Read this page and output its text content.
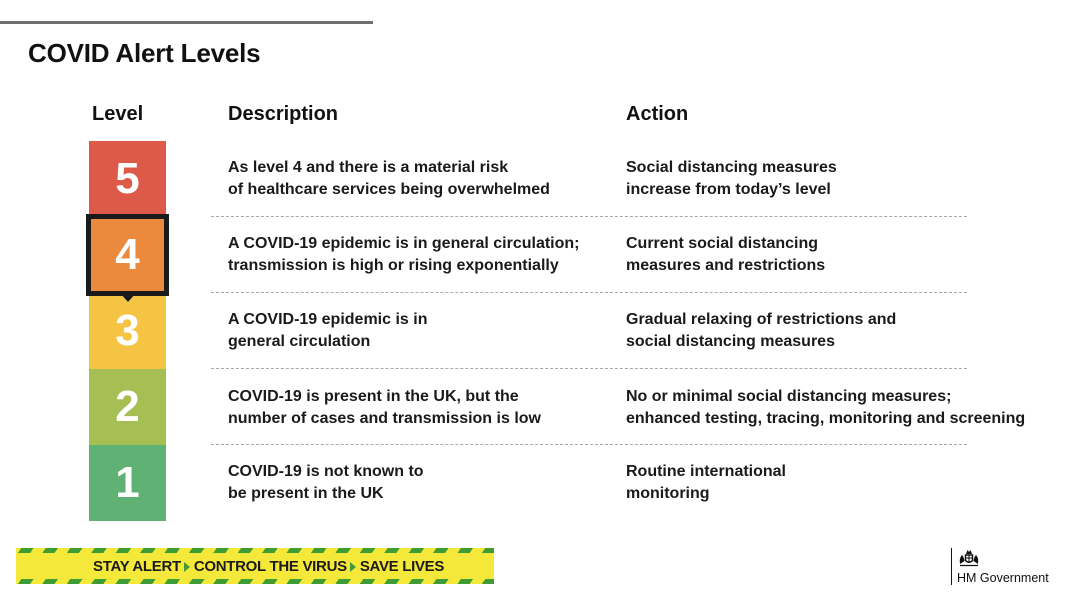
COVID Alert Levels
Level	Description	Action
5
3
2
1
4
As level 4 and there is a material risk
of healthcare services being overwhelmed
Social distancing measures
increase from today’s level
A COVID-19 epidemic is in general circulation;
transmission is high or rising exponentially
Current social distancing
measures and restrictions
A COVID-19 epidemic is in
general circulation
Gradual relaxing of restrictions and
social distancing measures
COVID-19 is present in the UK, but the
number of cases and transmission is low
No or minimal social distancing measures;
enhanced testing, tracing, monitoring and screening
COVID-19 is not known to
be present in the UK
Routine international
monitoring
STAY ALERT CONTROL THE VIRUS SAVE LIVES
HM Government
